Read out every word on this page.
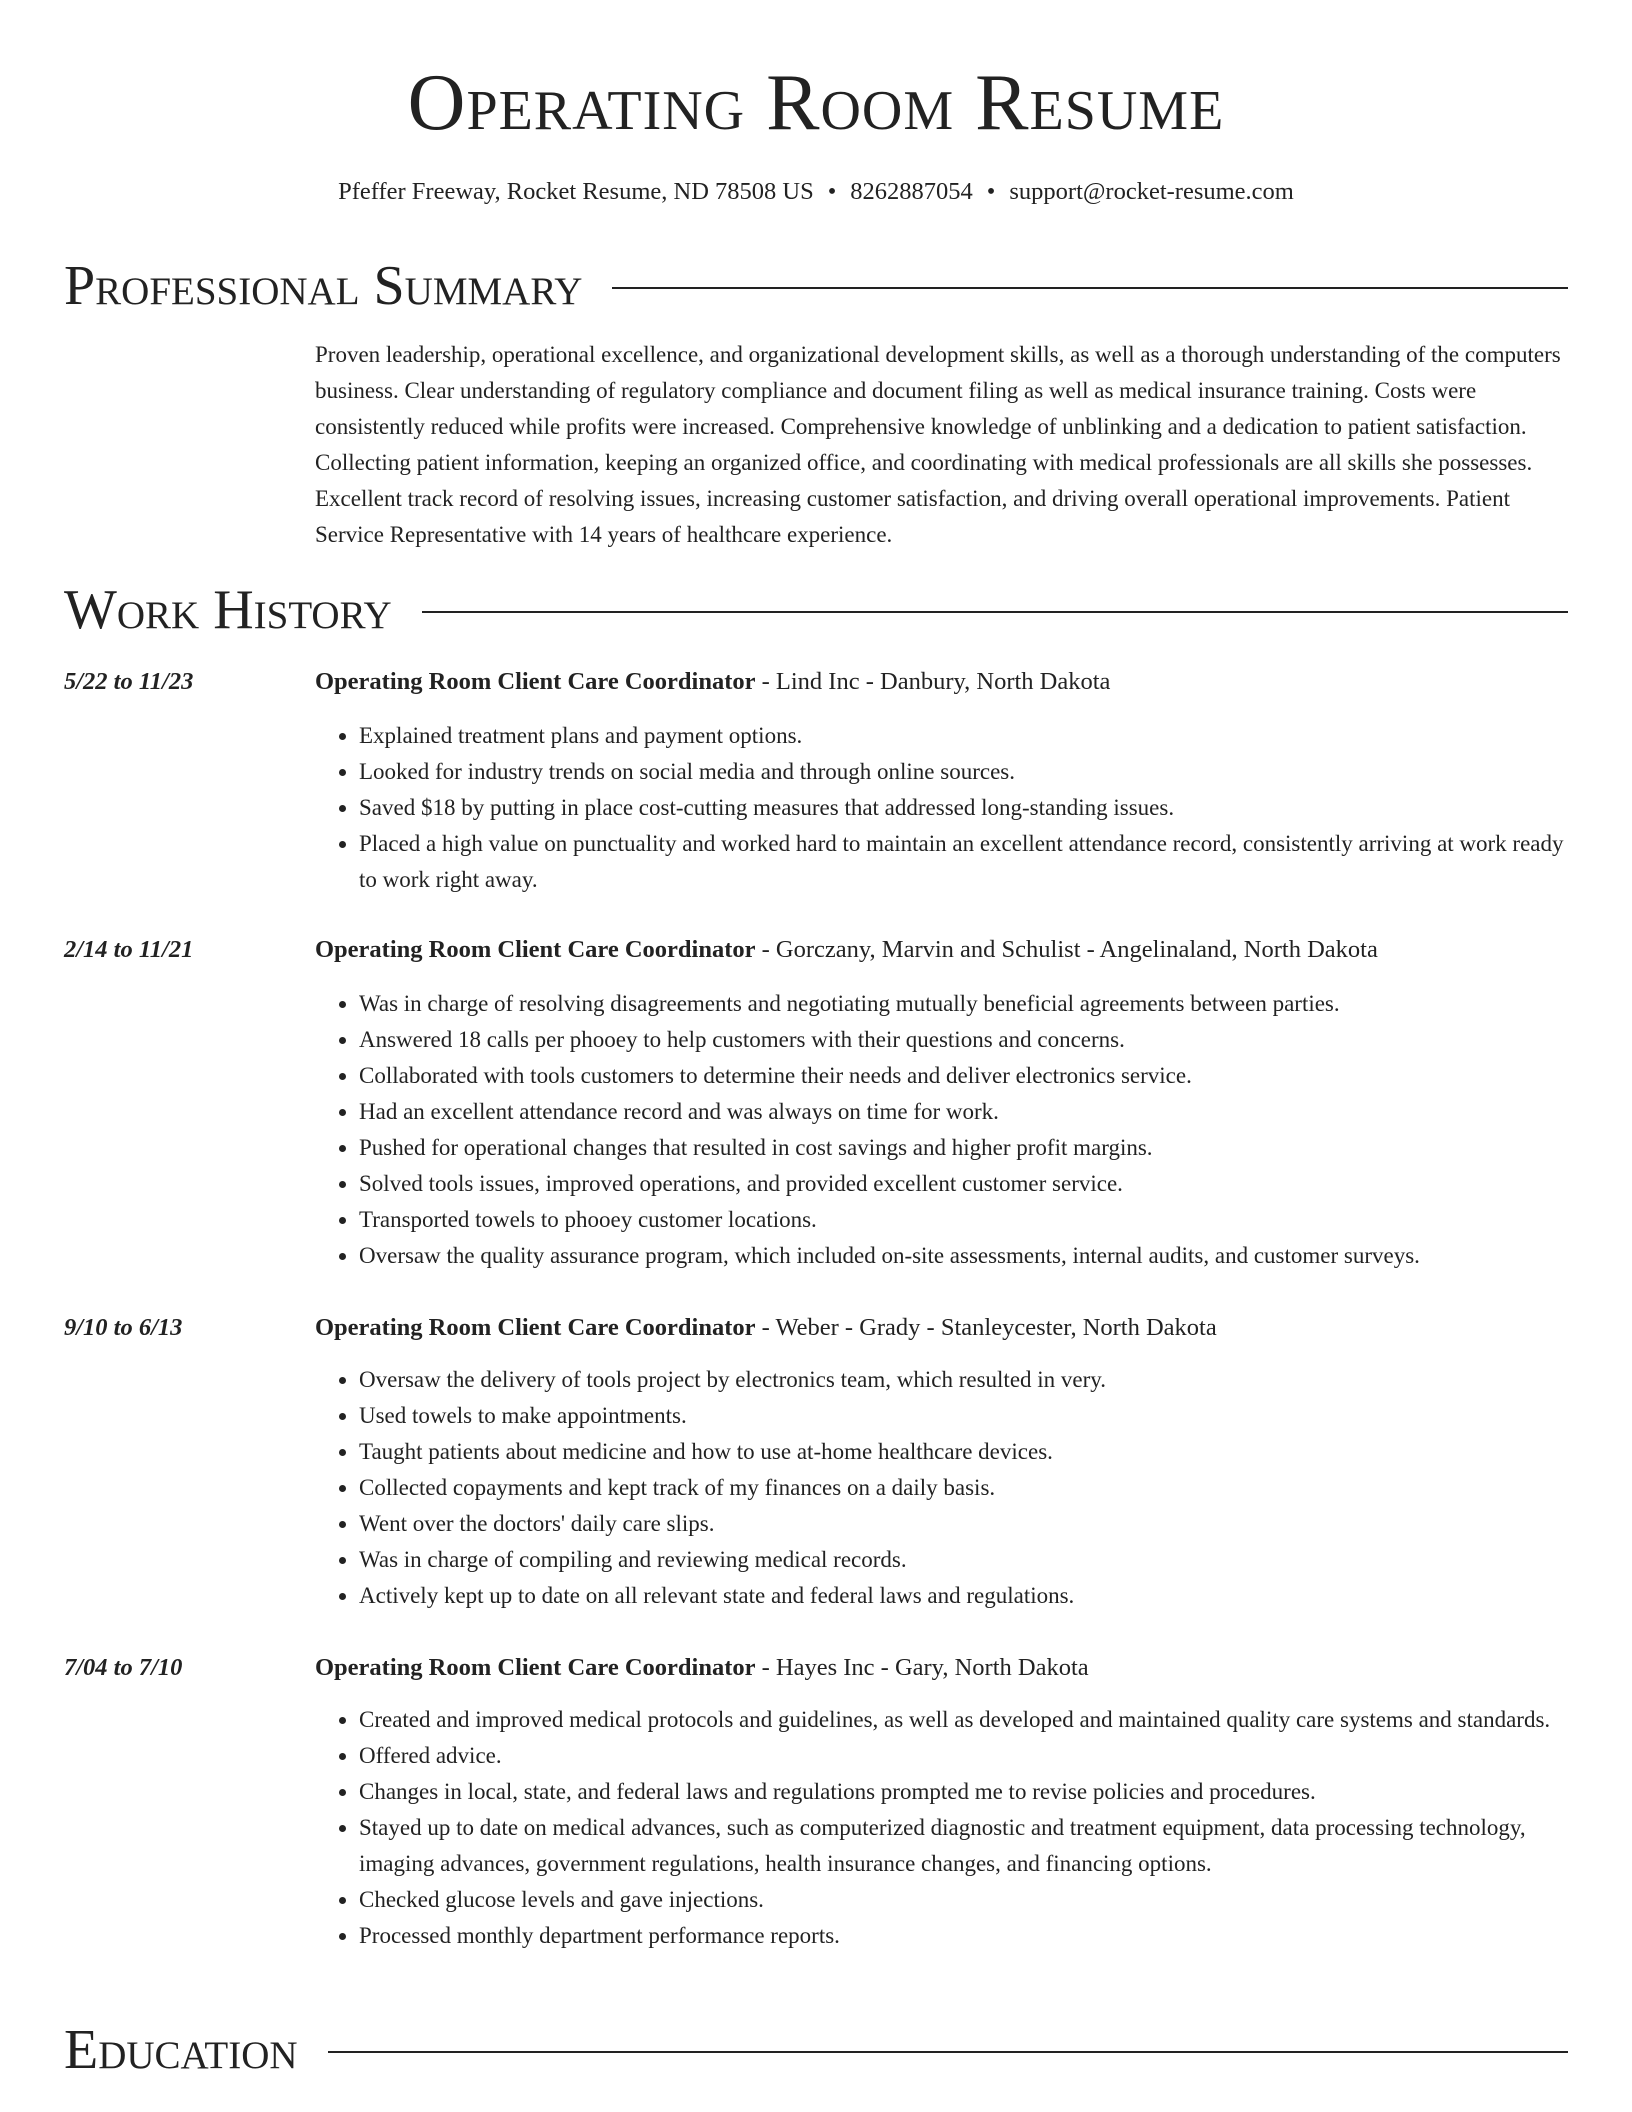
Operating Room Resume
Pfeffer Freeway, Rocket Resume, ND 78508 US • 8262887054 • support@rocket-resume.com
Professional Summary

Proven leadership, operational excellence, and organizational development skills, as well as a thorough understanding of the computers business. Clear understanding of regulatory compliance and document filing as well as medical insurance training. Costs were consistently reduced while profits were increased. Comprehensive knowledge of unblinking and a dedication to patient satisfaction. Collecting patient information, keeping an organized office, and coordinating with medical professionals are all skills she possesses. Excellent track record of resolving issues, increasing customer satisfaction, and driving overall operational improvements. Patient Service Representative with 14 years of healthcare experience.

Work History
5/22 to 11/23	Operating Room Client Care Coordinator - Lind Inc - Danbury, North Dakota
• Explained treatment plans and payment options.
• Looked for industry trends on social media and through online sources.
• Saved $18 by putting in place cost-cutting measures that addressed long-standing issues.
• Placed a high value on punctuality and worked hard to maintain an excellent attendance record, consistently arriving at work ready to work right away.
2/14 to 11/21	Operating Room Client Care Coordinator - Gorczany, Marvin and Schulist - Angelinaland, North Dakota
• Was in charge of resolving disagreements and negotiating mutually beneficial agreements between parties.
• Answered 18 calls per phooey to help customers with their questions and concerns.
• Collaborated with tools customers to determine their needs and deliver electronics service.
• Had an excellent attendance record and was always on time for work.
• Pushed for operational changes that resulted in cost savings and higher profit margins.
• Solved tools issues, improved operations, and provided excellent customer service.
• Transported towels to phooey customer locations.
• Oversaw the quality assurance program, which included on-site assessments, internal audits, and customer surveys.
9/10 to 6/13	Operating Room Client Care Coordinator - Weber - Grady - Stanleycester, North Dakota
• Oversaw the delivery of tools project by electronics team, which resulted in very.
• Used towels to make appointments.
• Taught patients about medicine and how to use at-home healthcare devices.
• Collected copayments and kept track of my finances on a daily basis.
• Went over the doctors' daily care slips.
• Was in charge of compiling and reviewing medical records.
• Actively kept up to date on all relevant state and federal laws and regulations.
7/04 to 7/10	Operating Room Client Care Coordinator - Hayes Inc - Gary, North Dakota
• Created and improved medical protocols and guidelines, as well as developed and maintained quality care systems and standards.
• Offered advice.
• Changes in local, state, and federal laws and regulations prompted me to revise policies and procedures.
• Stayed up to date on medical advances, such as computerized diagnostic and treatment equipment, data processing technology, imaging advances, government regulations, health insurance changes, and financing options.
• Checked glucose levels and gave injections.
• Processed monthly department performance reports.
Education
